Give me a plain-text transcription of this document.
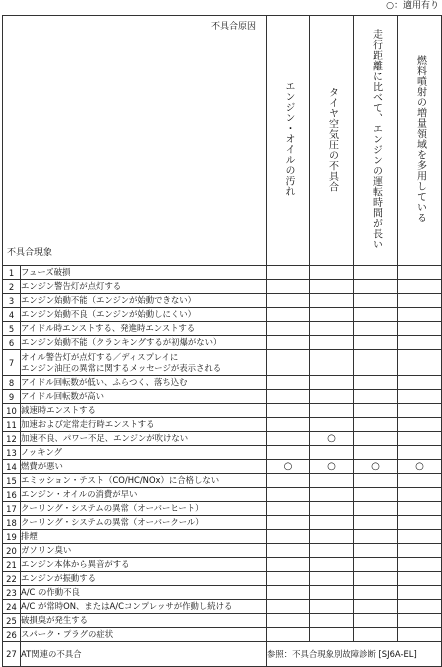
○：適用有り
不具合原因
不具合現象		エンジン・オイルの汚れ	タイヤ空気圧の不具合	走行距離に比べて、エンジンの運転時間が長い	燃料噴射の増量領域を多用している
1	フューズ破損				
2	エンジン警告灯が点灯する				
3	エンジン始動不能（エンジンが始動できない）				
4	エンジン始動不良（エンジンが始動しにくい）				
5	アイドル時エンストする、発進時エンストする				
6	エンジン始動不能（クランキングするが初爆がない）				
7	オイル警告灯が点灯する／ディスプレイに
エンジン油圧の異常に関するメッセージが表示される				

8	アイドル回転数が低い、ふらつく、落ち込む				
9	アイドル回転数が高い				
10	減速時エンストする				
11	加速および定常走行時エンストする				
12	加速不良、パワー不足、エンジンが吹けない		○		
13	ノッキング				
14	燃費が悪い	○	○	○	○
15	エミッション・テスト（CO/HC/NOx）に合格しない				
16	エンジン・オイルの消費が早い				
17	クーリング・システムの異常（オーバーヒート）				
18	クーリング・システムの異常（オーバークール）				
19	排煙				
20	ガソリン臭い				
21	エンジン本体から異音がする				
22	エンジンが振動する				
23	A/C の作動不良				
24	A/C が常時ON、またはA/Cコンプレッサが作動し続ける				
25	破損臭が発生する				
26	スパーク・プラグの症状				
27	AT関連の不具合	参照：不具合現象別故障診断 [SJ6A-EL]			
